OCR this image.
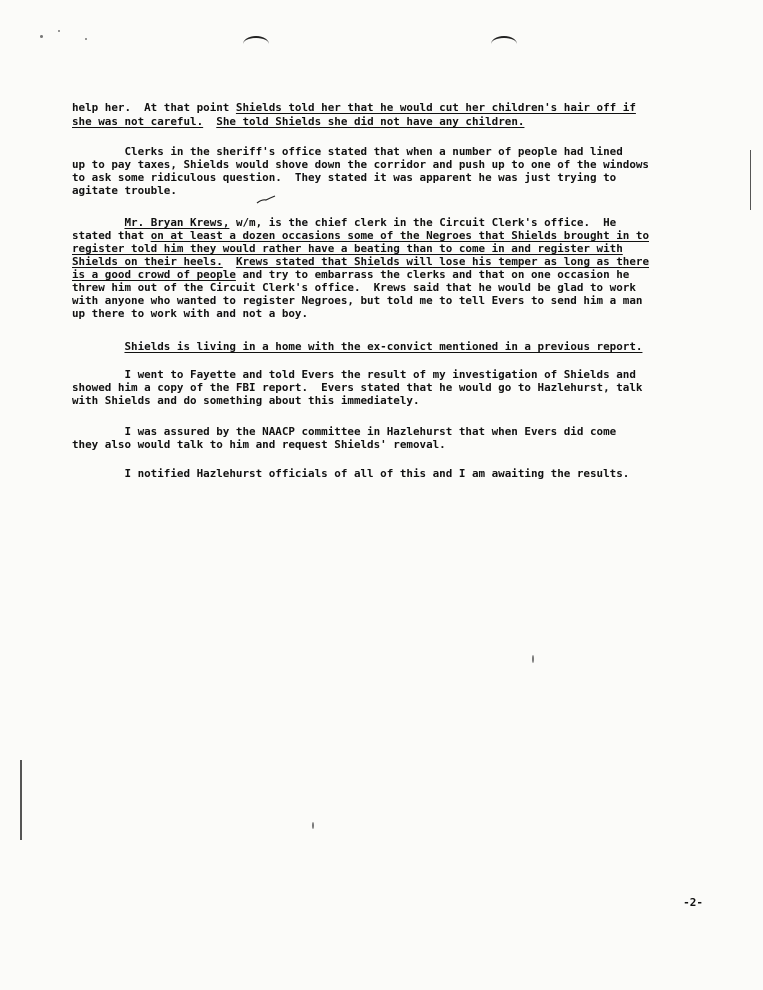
help her.  At that point Shields told her that he would cut her children's hair off if
she was not careful. She told Shields she did not have any children.
Clerks in the sheriff's office stated that when a number of people had lined
up to pay taxes, Shields would shove down the corridor and push up to one of the windows
to ask some ridiculous question.  They stated it was apparent he was just trying to
agitate trouble.
Mr. Bryan Krews, w/m, is the chief clerk in the Circuit Clerk's office.  He
stated that on at least a dozen occasions some of the Negroes that Shields brought in to
register told him they would rather have a beating than to come in and register with
Shields on their heels. Krews stated that Shields will lose his temper as long as there
is a good crowd of people and try to embarrass the clerks and that on one occasion he
threw him out of the Circuit Clerk's office.  Krews said that he would be glad to work
with anyone who wanted to register Negroes, but told me to tell Evers to send him a man
up there to work with and not a boy.
Shields is living in a home with the ex-convict mentioned in a previous report.
I went to Fayette and told Evers the result of my investigation of Shields and
showed him a copy of the FBI report.  Evers stated that he would go to Hazlehurst, talk
with Shields and do something about this immediately.
I was assured by the NAACP committee in Hazlehurst that when Evers did come
they also would talk to him and request Shields' removal.
I notified Hazlehurst officials of all of this and I am awaiting the results.
-2-
